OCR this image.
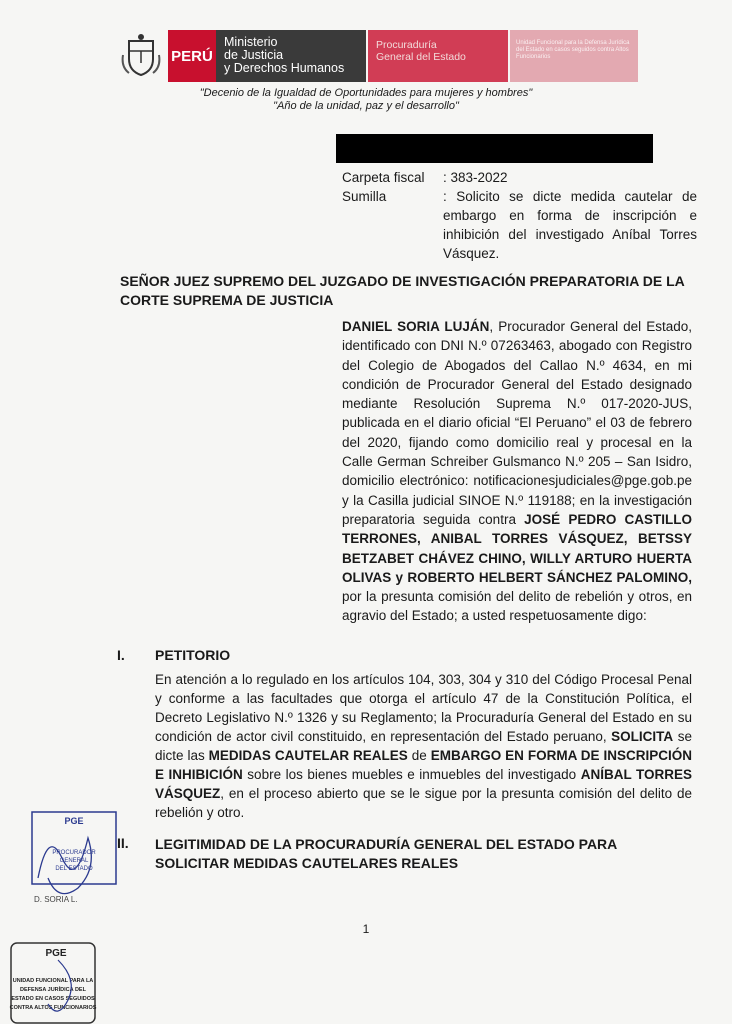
PERÚ
Ministerio
de Justicia
y Derechos Humanos
Procuraduría
General del Estado
Unidad Funcional para la Defensa Jurídica del Estado en casos seguidos contra Altos Funcionarios
"Decenio de la Igualdad de Oportunidades para mujeres y hombres"
"Año de la unidad, paz y el desarrollo"
Carpeta fiscal	: 383-2022
Sumilla	: Solicito se dicte medida cautelar de embargo en forma de inscripción e inhibición del investigado Aníbal Torres Vásquez.
SEÑOR JUEZ SUPREMO DEL JUZGADO DE INVESTIGACIÓN PREPARATORIA DE LA CORTE SUPREMA DE JUSTICIA
DANIEL SORIA LUJÁN, Procurador General del Estado, identificado con DNI N.º 07263463, abogado con Registro del Colegio de Abogados del Callao N.º 4634, en mi condición de Procurador General del Estado designado mediante Resolución Suprema N.º 017-2020-JUS, publicada en el diario oficial “El Peruano” el 03 de febrero del 2020, fijando como domicilio real y procesal en la Calle German Schreiber Gulsmanco N.º 205 – San Isidro, domicilio electrónico: notificacionesjudiciales@pge.gob.pe y la Casilla judicial SINOE N.º 119188; en la investigación preparatoria seguida contra JOSÉ PEDRO CASTILLO TERRONES, ANIBAL TORRES VÁSQUEZ, BETSSY BETZABET CHÁVEZ CHINO, WILLY ARTURO HUERTA OLIVAS y ROBERTO HELBERT SÁNCHEZ PALOMINO, por la presunta comisión del delito de rebelión y otros, en agravio del Estado; a usted respetuosamente digo:
I. PETITORIO
En atención a lo regulado en los artículos 104, 303, 304 y 310 del Código Procesal Penal y conforme a las facultades que otorga el artículo 47 de la Constitución Política, el Decreto Legislativo N.º 1326 y su Reglamento; la Procuraduría General del Estado en su condición de actor civil constituido, en representación del Estado peruano, SOLICITA se dicte las MEDIDAS CAUTELAR REALES de EMBARGO EN FORMA DE INSCRIPCIÓN E INHIBICIÓN sobre los bienes muebles e inmuebles del investigado ANÍBAL TORRES VÁSQUEZ, en el proceso abierto que se le sigue por la presunta comisión del delito de rebelión y otro.
II. LEGITIMIDAD DE LA PROCURADURÍA GENERAL DEL ESTADO PARA SOLICITAR MEDIDAS CAUTELARES REALES
1
PGE
PROCURADOR
GENERAL
DEL ESTADO
D. SORIA L.
PGE
UNIDAD FUNCIONAL PARA LA
DEFENSA JURÍDICA DEL
ESTADO EN CASOS SEGUIDOS
CONTRA ALTOS FUNCIONARIOS
